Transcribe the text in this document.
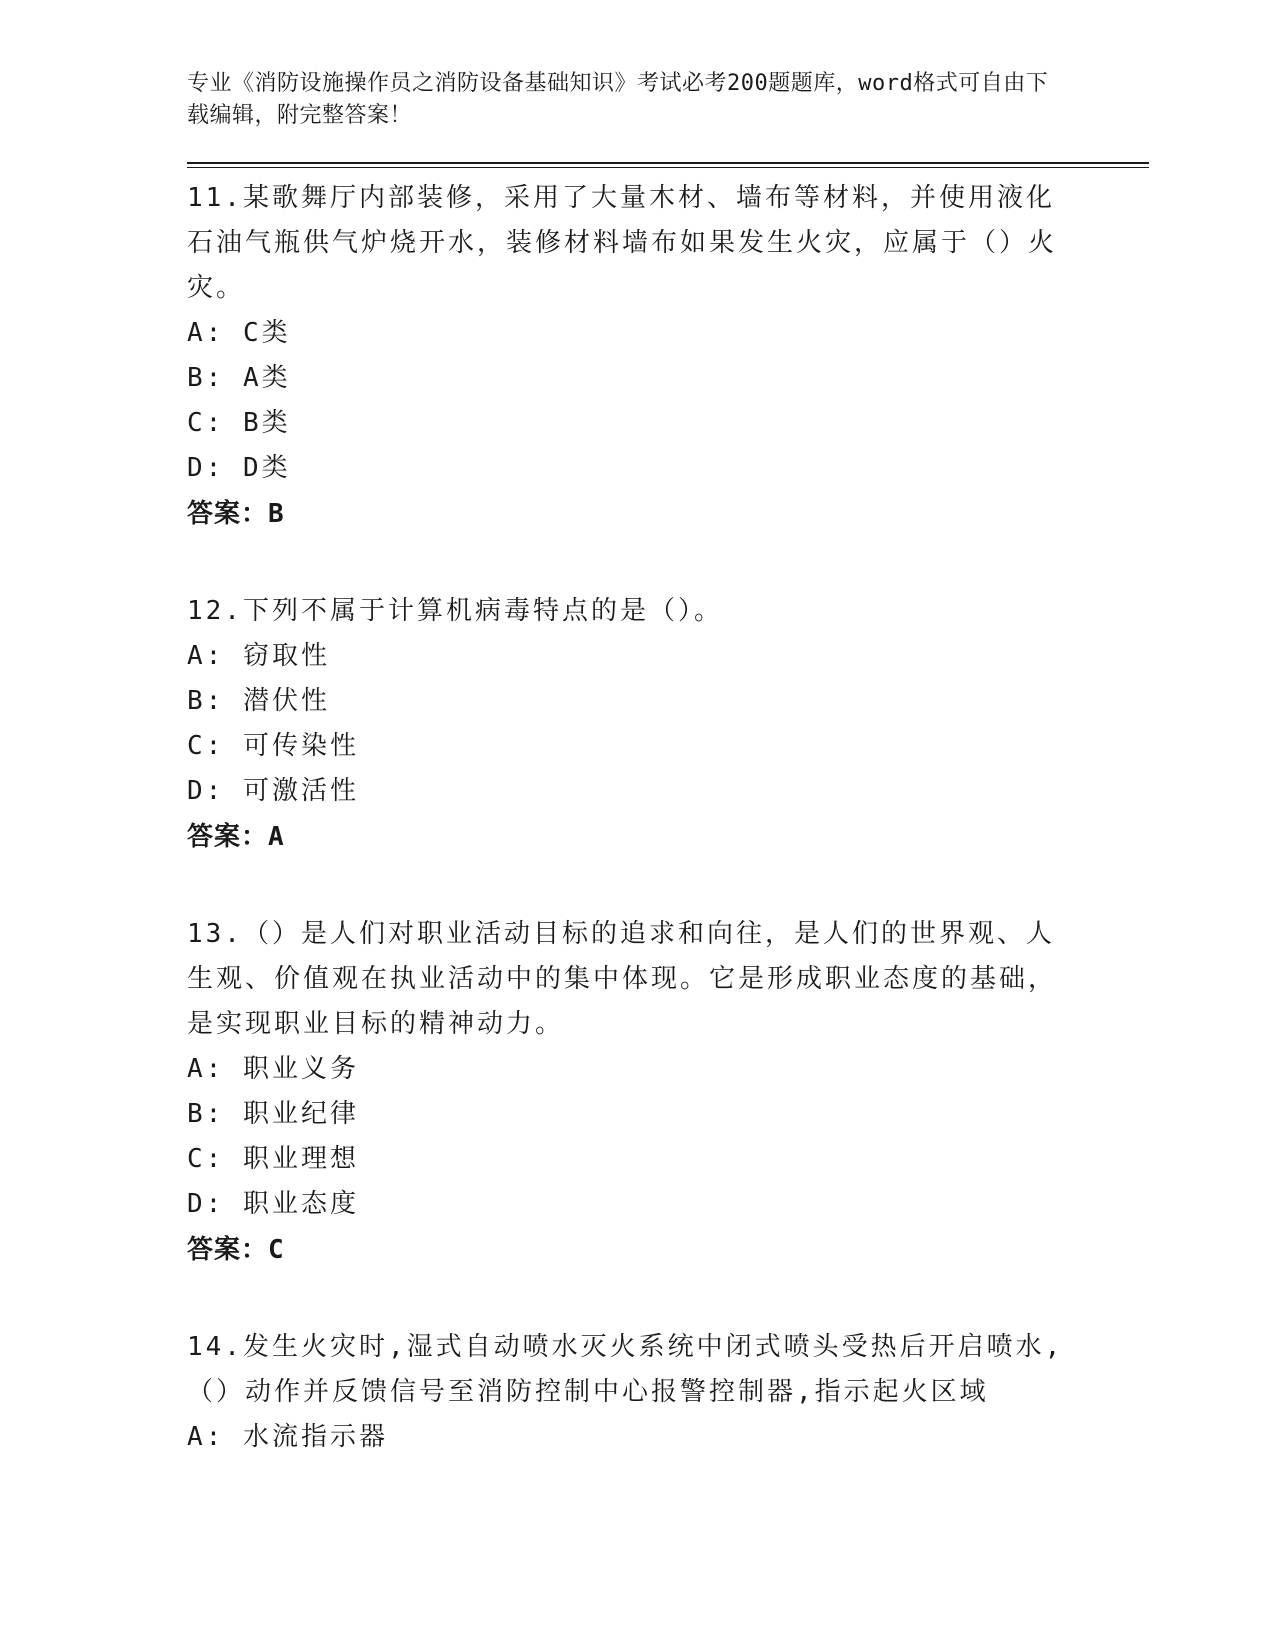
专业《消防设施操作员之消防设备基础知识》考试必考200题题库，word格式可自由下载编辑，附完整答案！
11.某歌舞厅内部装修，采用了大量木材、墙布等材料，并使用液化石油气瓶供气炉烧开水，装修材料墙布如果发生火灾，应属于（）火灾。
A: C类
B: A类
C: B类
D: D类
答案：B
12.下列不属于计算机病毒特点的是（）。
A: 窃取性
B: 潜伏性
C: 可传染性
D: 可激活性
答案：A
13.（）是人们对职业活动目标的追求和向往，是人们的世界观、人生观、价值观在执业活动中的集中体现。它是形成职业态度的基础，是实现职业目标的精神动力。
A: 职业义务
B: 职业纪律
C: 职业理想
D: 职业态度
答案：C
14.发生火灾时,湿式自动喷水灭火系统中闭式喷头受热后开启喷水,（）动作并反馈信号至消防控制中心报警控制器,指示起火区域
A: 水流指示器
